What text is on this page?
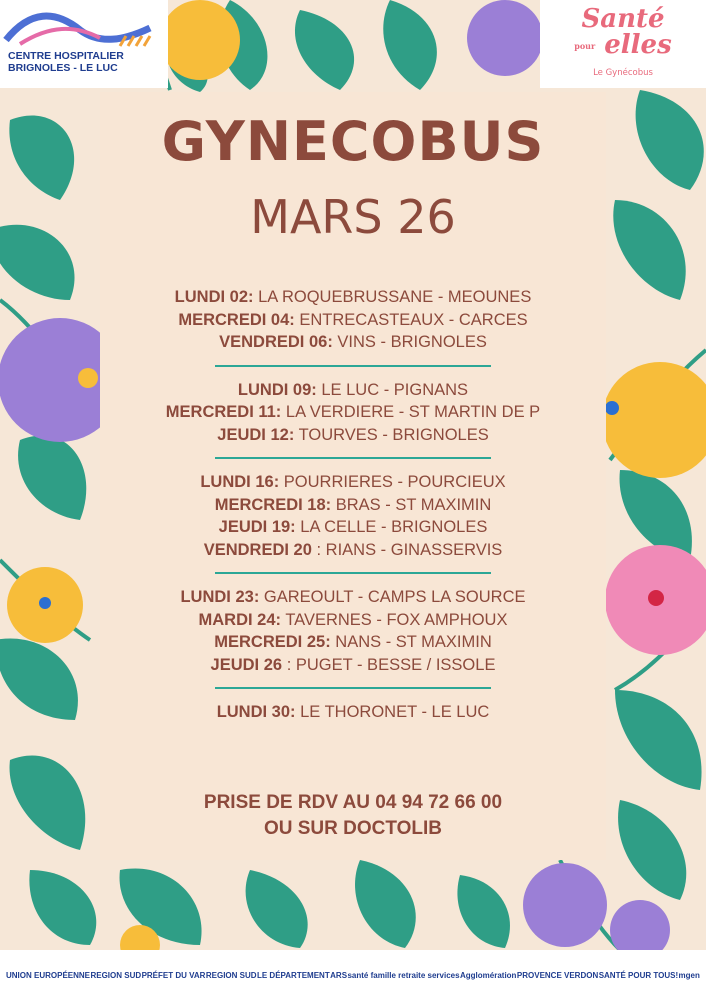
CENTRE HOSPITALIER
BRIGNOLES - LE LUC
Santé
pour elles
Le Gynécobus
GYNECOBUS
MARS 26
LUNDI 02: LA ROQUEBRUSSANE - MEOUNES
MERCREDI 04: ENTRECASTEAUX - CARCES
VENDREDI 06: VINS - BRIGNOLES
LUNDI 09: LE LUC - PIGNANS
MERCREDI 11: LA VERDIERE - ST MARTIN DE P
JEUDI 12: TOURVES - BRIGNOLES
LUNDI 16: POURRIERES - POURCIEUX
MERCREDI 18: BRAS - ST MAXIMIN
JEUDI 19: LA CELLE - BRIGNOLES
VENDREDI 20 : RIANS - GINASSERVIS
LUNDI 23: GAREOULT - CAMPS LA SOURCE
MARDI 24: TAVERNES - FOX AMPHOUX
MERCREDI 25: NANS - ST MAXIMIN
JEUDI 26 : PUGET - BESSE / ISSOLE
LUNDI 30: LE THORONET - LE LUC
PRISE DE RDV AU 04 94 72 66 00
OU SUR DOCTOLIB
UNION EUROPÉENNE REGION SUD PRÉFET DU VAR REGION SUD LE DÉPARTEMENT ARS santé famille retraite services Agglomération PROVENCE VERDON SANTÉ POUR TOUS! mgen
